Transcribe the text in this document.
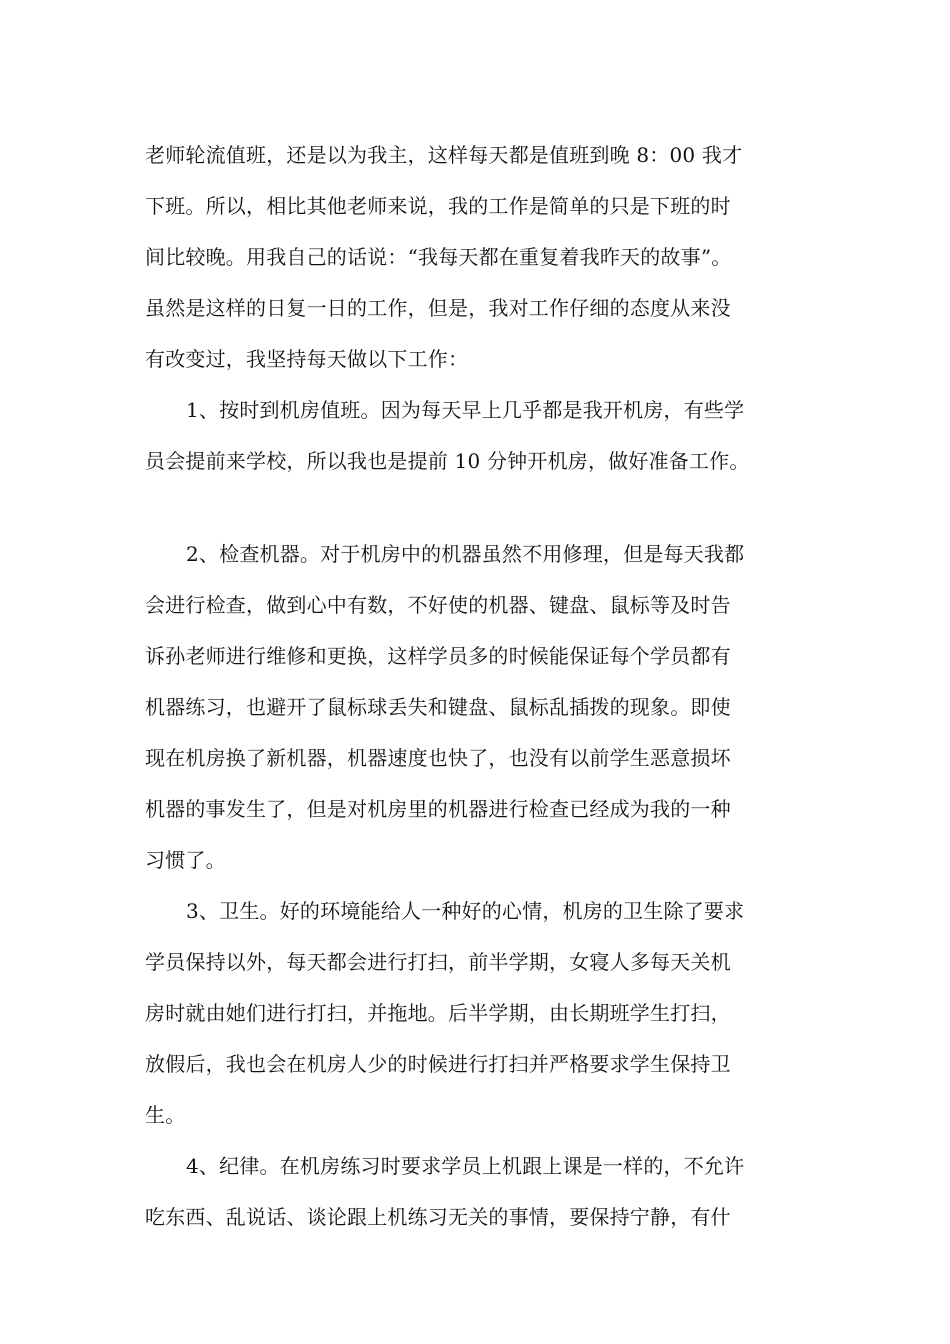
老师轮流值班，还是以为我主，这样每天都是值班到晚 8：00 我才
下班。所以，相比其他老师来说，我的工作是简单的只是下班的时
间比较晚。用我自己的话说：“我每天都在重复着我昨天的故事”。
虽然是这样的日复一日的工作，但是，我对工作仔细的态度从来没
有改变过，我坚持每天做以下工作：
1、按时到机房值班。因为每天早上几乎都是我开机房，有些学
员会提前来学校，所以我也是提前 10 分钟开机房，做好准备工作。
2、检查机器。对于机房中的机器虽然不用修理，但是每天我都
会进行检查，做到心中有数，不好使的机器、键盘、鼠标等及时告
诉孙老师进行维修和更换，这样学员多的时候能保证每个学员都有
机器练习，也避开了鼠标球丢失和键盘、鼠标乱插拨的现象。即使
现在机房换了新机器，机器速度也快了，也没有以前学生恶意损坏
机器的事发生了，但是对机房里的机器进行检查已经成为我的一种
习惯了。
3、卫生。好的环境能给人一种好的心情，机房的卫生除了要求
学员保持以外，每天都会进行打扫，前半学期，女寝人多每天关机
房时就由她们进行打扫，并拖地。后半学期，由长期班学生打扫，
放假后，我也会在机房人少的时候进行打扫并严格要求学生保持卫
生。
4、纪律。在机房练习时要求学员上机跟上课是一样的，不允许
吃东西、乱说话、谈论跟上机练习无关的事情，要保持宁静，有什
